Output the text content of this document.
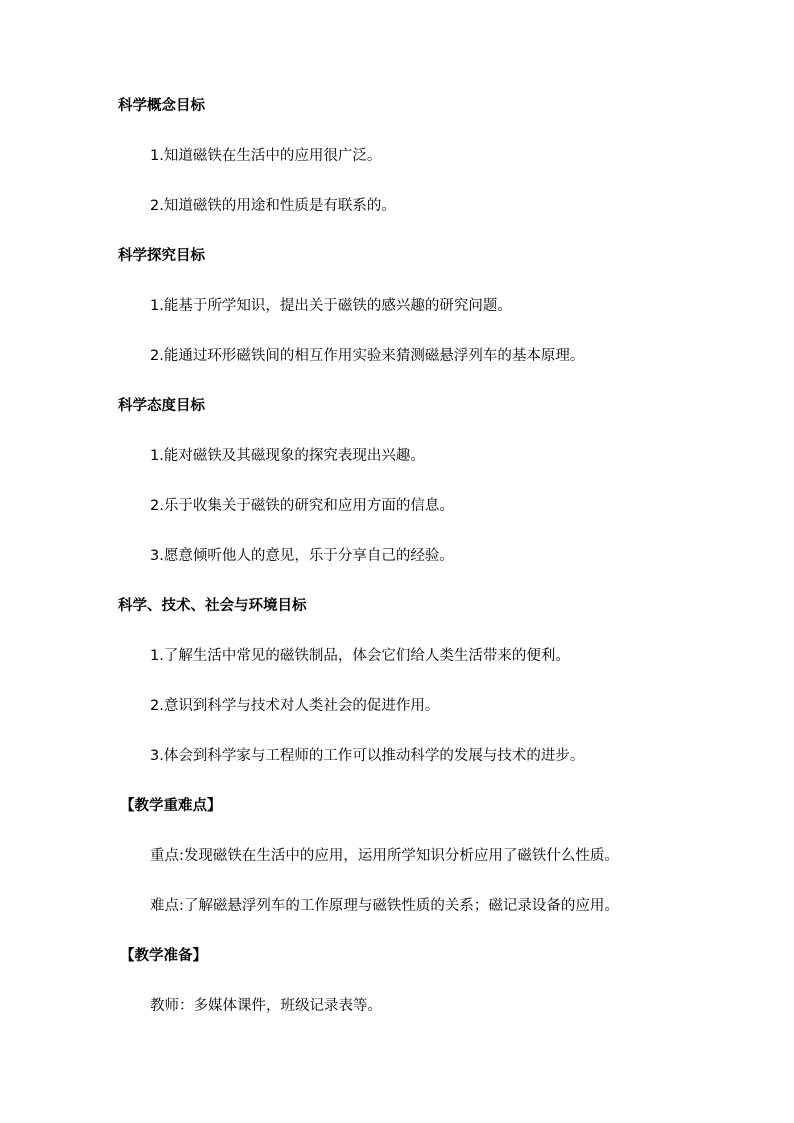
科学概念目标
1.知道磁铁在生活中的应用很广泛。
2.知道磁铁的用途和性质是有联系的。
科学探究目标
1.能基于所学知识，提出关于磁铁的感兴趣的研究问题。
2.能通过环形磁铁间的相互作用实验来猜测磁悬浮列车的基本原理。
科学态度目标
1.能对磁铁及其磁现象的探究表现出兴趣。
2.乐于收集关于磁铁的研究和应用方面的信息。
3.愿意倾听他人的意见，乐于分享自己的经验。
科学、技术、社会与环境目标
1.了解生活中常见的磁铁制品，体会它们给人类生活带来的便利。
2.意识到科学与技术对人类社会的促进作用。
3.体会到科学家与工程师的工作可以推动科学的发展与技术的进步。
【教学重难点】
重点:发现磁铁在生活中的应用，运用所学知识分析应用了磁铁什么性质。
难点:了解磁悬浮列车的工作原理与磁铁性质的关系；磁记录设备的应用。
【教学准备】
教师：多媒体课件，班级记录表等。
